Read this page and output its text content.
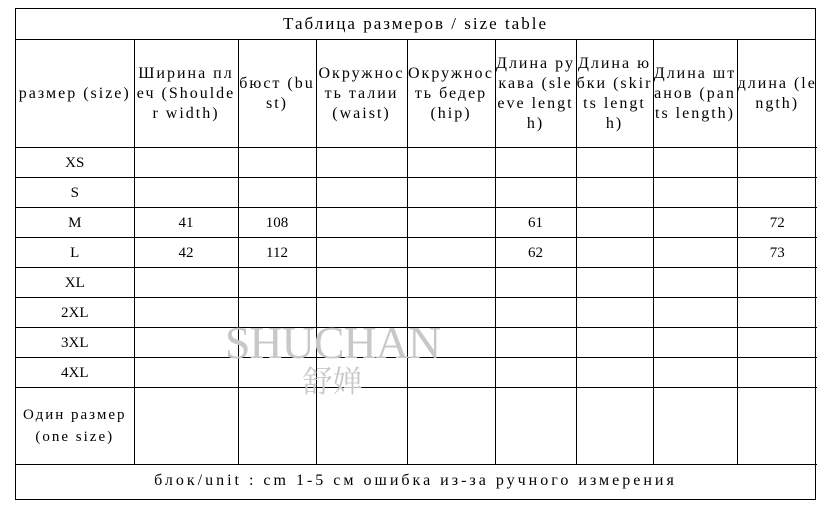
Таблица размеров / size table
размер (size)	Ширина плеч (Shoulder width)	бюст (bust)	Окружность талии (waist)	Окружность бедер (hip)	Длина рукава (sleeve length)	Длина юбки (skirts length)	Длина штанов (pants length)	длина (length)

XS								
S								
M	41	108			61			72
L	42	112			62			73
XL								
2XL								
3XL								
4XL								
Один размер (one size)								
блок/unit : cm 1-5 см ошибка из-за ручного измерения
SHUCHAN
舒婵
